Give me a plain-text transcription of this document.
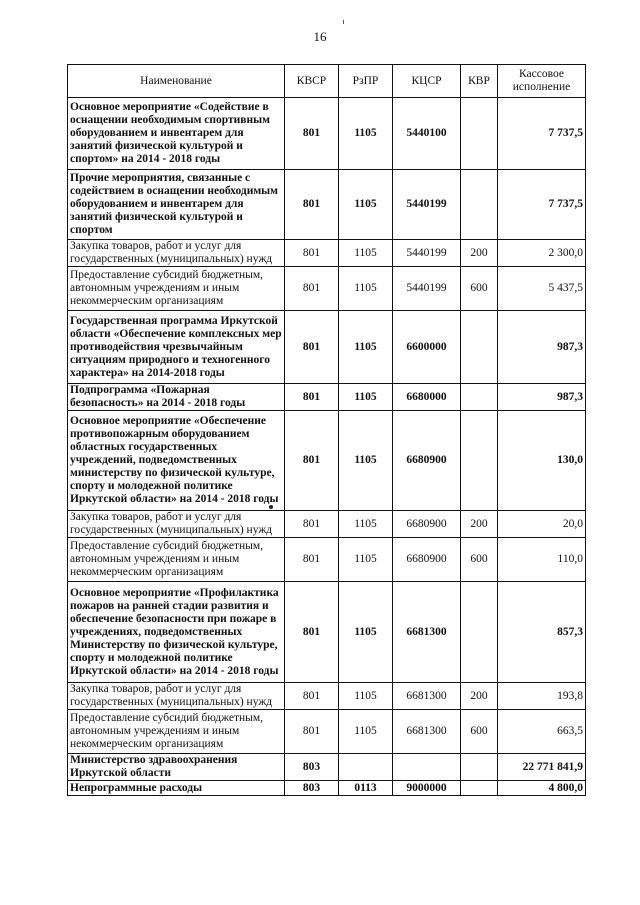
16
Наименование	КВСР	РзПР	КЦСР	КВР	Кассовое исполнение
Основное мероприятие «Содействие в оснащении необходимым спортивным оборудованием и инвентарем для занятий физической культурой и спортом» на 2014 - 2018 годы	801	1105	5440100		7 737,5
Прочие мероприятия, связанные с содействием в оснащении необходимым оборудованием и инвентарем для занятий физической культурой и спортом	801	1105	5440199		7 737,5
Закупка товаров, работ и услуг для государственных (муниципальных) нужд	801	1105	5440199	200	2 300,0
Предоставление субсидий бюджетным, автономным учреждениям и иным некоммерческим организациям	801	1105	5440199	600	5 437,5
Государственная программа Иркутской области «Обеспечение комплексных мер противодействия чрезвычайным ситуациям природного и техногенного характера» на 2014-2018 годы	801	1105	6600000		987,3
Подпрограмма «Пожарная безопасность» на 2014 - 2018 годы	801	1105	6680000		987,3
Основное мероприятие «Обеспечение противопожарным оборудованием областных государственных учреждений, подведомственных министерству по физической культуре, спорту и молодежной политике Иркутской области» на 2014 - 2018 годы	801	1105	6680900		130,0
Закупка товаров, работ и услуг для государственных (муниципальных) нужд	801	1105	6680900	200	20,0
Предоставление субсидий бюджетным, автономным учреждениям и иным некоммерческим организациям	801	1105	6680900	600	110,0
Основное мероприятие «Профилактика пожаров на ранней стадии развития и обеспечение безопасности при пожаре в учреждениях, подведомственных Министерству по физической культуре, спорту и молодежной политике Иркутской области» на 2014 - 2018 годы	801	1105	6681300		857,3
Закупка товаров, работ и услуг для государственных (муниципальных) нужд	801	1105	6681300	200	193,8
Предоставление субсидий бюджетным, автономным учреждениям и иным некоммерческим организациям	801	1105	6681300	600	663,5
Министерство здравоохранения Иркутской области	803				22 771 841,9
Непрограммные расходы	803	0113	9000000		4 800,0
